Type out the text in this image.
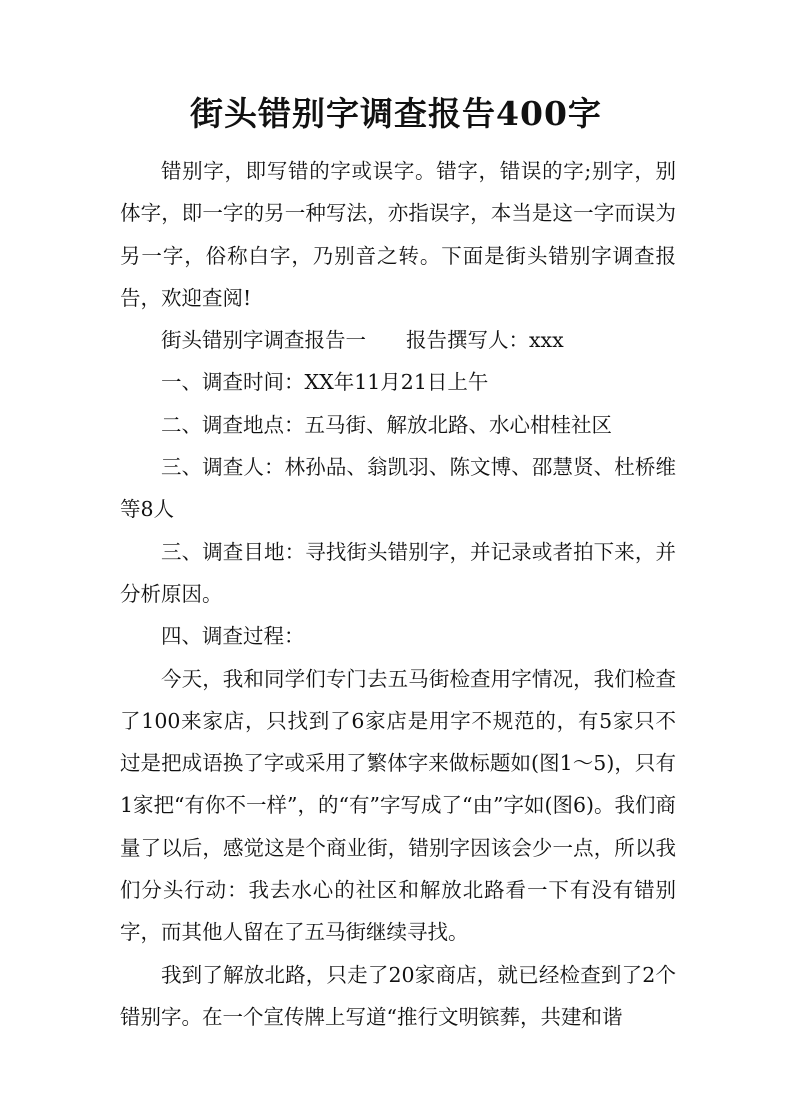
街头错别字调查报告400字

错别字，即写错的字或误字。错字，错误的字;别字，别体字，即一字的另一种写法，亦指误字，本当是这一字而误为另一字，俗称白字，乃别音之转。下面是街头错别字调查报告，欢迎查阅!

街头错别字调查报告一 报告撰写人：xxx

一、调查时间：XX年11月21日上午

二、调查地点：五马街、解放北路、水心柑桂社区

三、调查人：林孙品、翁凯羽、陈文博、邵慧贤、杜桥维等8人

三、调查目地：寻找街头错别字，并记录或者拍下来，并分析原因。

四、调查过程：

今天，我和同学们专门去五马街检查用字情况，我们检查了100来家店，只找到了6家店是用字不规范的，有5家只不过是把成语换了字或采用了繁体字来做标题如(图1～5)，只有1家把“有你不一样”，的“有”字写成了“由”字如(图6)。我们商量了以后，感觉这是个商业街，错别字因该会少一点，所以我们分头行动：我去水心的社区和解放北路看一下有没有错别字，而其他人留在了五马街继续寻找。

我到了解放北路，只走了20家商店，就已经检查到了2个错别字。在一个宣传牌上写道“推行文明镔葬，共建和谐
